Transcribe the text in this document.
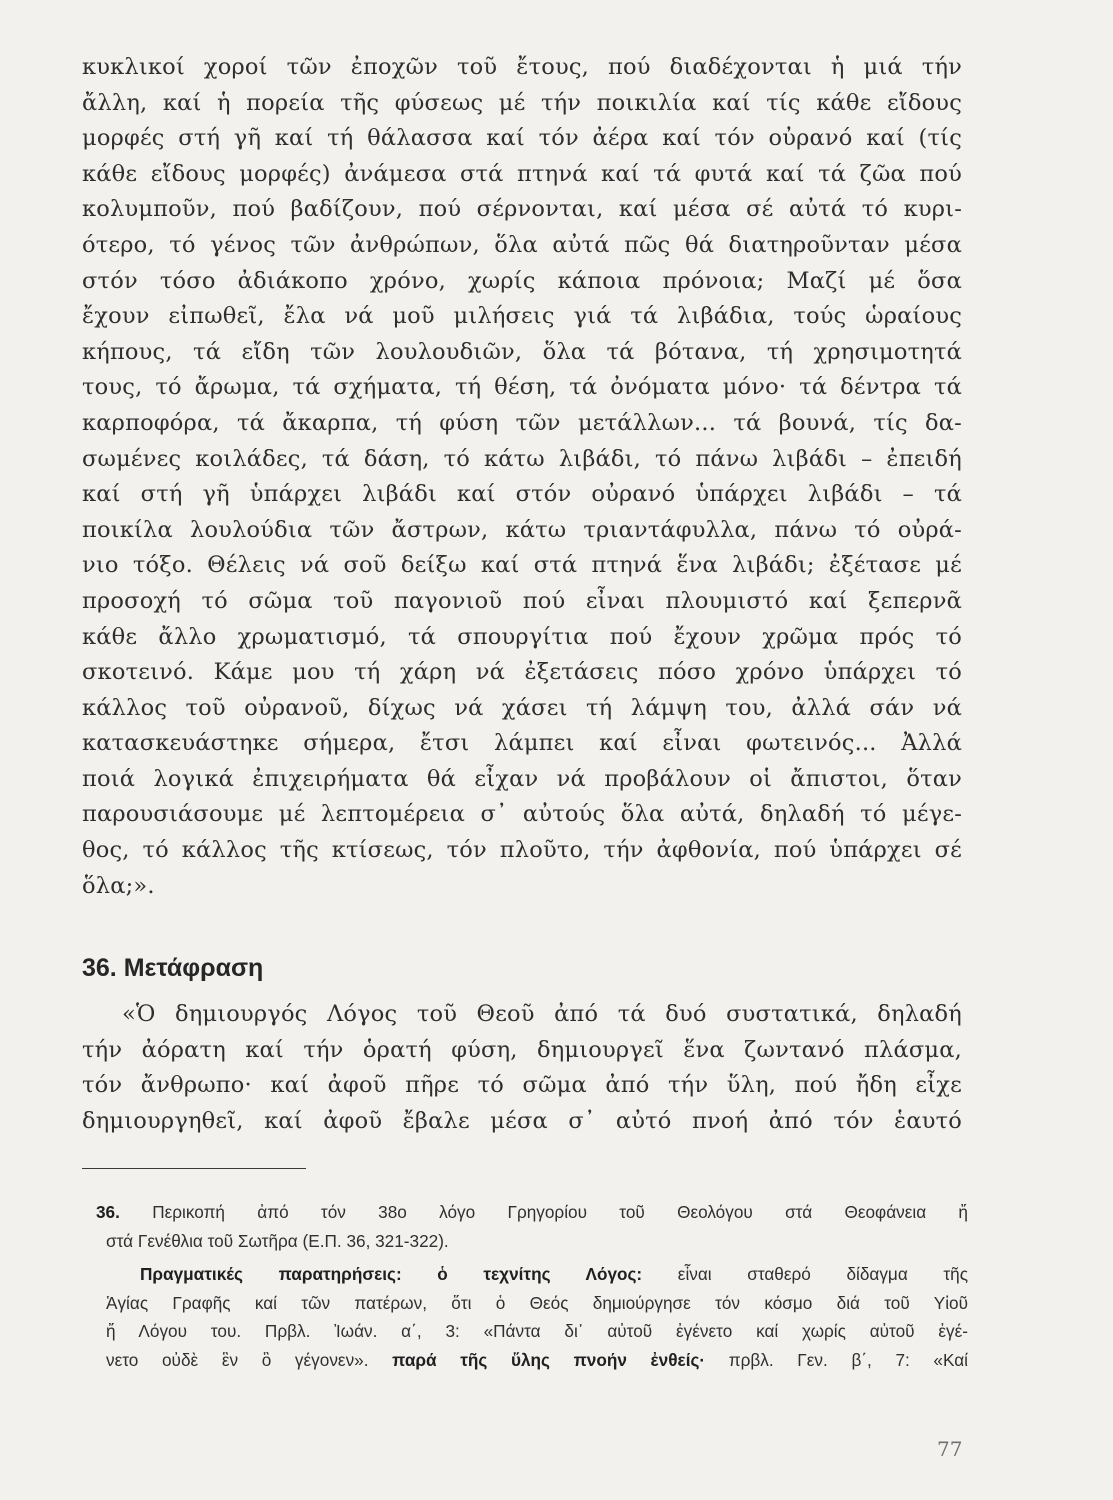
κυκλικοί χοροί τῶν ἐποχῶν τοῦ ἔτους, πού διαδέχονται ἡ μιά τήν
ἄλλη, καί ἡ πορεία τῆς φύσεως μέ τήν ποικιλία καί τίς κάθε εἴδους
μορφές στή γῆ καί τή θάλασσα καί τόν ἀέρα καί τόν οὐρανό καί (τίς
κάθε εἴδους μορφές) ἀνάμεσα στά πτηνά καί τά φυτά καί τά ζῶα πού
κολυμποῦν, πού βαδίζουν, πού σέρνονται, καί μέσα σέ αὐτά τό κυρι-
ότερο, τό γένος τῶν ἀνθρώπων, ὅλα αὐτά πῶς θά διατηροῦνταν μέσα
στόν τόσο ἀδιάκοπο χρόνο, χωρίς κάποια πρόνοια; Μαζί μέ ὅσα
ἔχουν εἰπωθεῖ, ἔλα νά μοῦ μιλήσεις γιά τά λιβάδια, τούς ὡραίους
κήπους, τά εἴδη τῶν λουλουδιῶν, ὅλα τά βότανα, τή χρησιμοτητά
τους, τό ἄρωμα, τά σχήματα, τή θέση, τά ὀνόματα μόνο· τά δέντρα τά
καρποφόρα, τά ἄκαρπα, τή φύση τῶν μετάλλων... τά βουνά, τίς δα-
σωμένες κοιλάδες, τά δάση, τό κάτω λιβάδι, τό πάνω λιβάδι – ἐπειδή
καί στή γῆ ὑπάρχει λιβάδι καί στόν οὐρανό ὑπάρχει λιβάδι – τά
ποικίλα λουλούδια τῶν ἄστρων, κάτω τριαντάφυλλα, πάνω τό οὐρά-
νιο τόξο. Θέλεις νά σοῦ δείξω καί στά πτηνά ἕνα λιβάδι; ἐξέτασε μέ
προσοχή τό σῶμα τοῦ παγονιοῦ πού εἶναι πλουμιστό καί ξεπερνᾶ
κάθε ἄλλο χρωματισμό, τά σπουργίτια πού ἔχουν χρῶμα πρός τό
σκοτεινό. Κάμε μου τή χάρη νά ἐξετάσεις πόσο χρόνο ὑπάρχει τό
κάλλος τοῦ οὐρανοῦ, δίχως νά χάσει τή λάμψη του, ἀλλά σάν νά
κατασκευάστηκε σήμερα, ἔτσι λάμπει καί εἶναι φωτεινός... Ἀλλά
ποιά λογικά ἐπιχειρήματα θά εἶχαν νά προβάλουν οἱ ἄπιστοι, ὅταν
παρουσιάσουμε μέ λεπτομέρεια σ᾽ αὐτούς ὅλα αὐτά, δηλαδή τό μέγε-
θος, τό κάλλος τῆς κτίσεως, τόν πλοῦτο, τήν ἀφθονία, πού ὑπάρχει σέ
ὅλα;».
36. Μετάφραση
«Ὁ δημιουργός Λόγος τοῦ Θεοῦ ἀπό τά δυό συστατικά, δηλαδή
τήν ἀόρατη καί τήν ὁρατή φύση, δημιουργεῖ ἕνα ζωντανό πλάσμα,
τόν ἄνθρωπο· καί ἀφοῦ πῆρε τό σῶμα ἀπό τήν ὕλη, πού ἤδη εἶχε
δημιουργηθεῖ, καί ἀφοῦ ἔβαλε μέσα σ᾽ αὐτό πνοή ἀπό τόν ἑαυτό
36. Περικοπή ἀπό τόν 38ο λόγο Γρηγορίου τοῦ Θεολόγου στά Θεοφάνεια ἤ
στά Γενέθλια τοῦ Σωτῆρα (Ε.Π. 36, 321-322).
Πραγματικές παρατηρήσεις: ὁ τεχνίτης Λόγος: εἶναι σταθερό δίδαγμα τῆς
Ἁγίας Γραφῆς καί τῶν πατέρων, ὅτι ὁ Θεός δημιούργησε τόν κόσμο διά τοῦ Υἱοῦ
ἤ Λόγου του. Πρβλ. Ἰωάν. α΄, 3: «Πάντα δι᾽ αὐτοῦ ἐγένετο καί χωρίς αὐτοῦ ἐγέ-
νετο οὐδὲ ἓν ὃ γέγονεν». παρά τῆς ὕλης πνοήν ἐνθείς· πρβλ. Γεν. β΄, 7: «Καί
77
